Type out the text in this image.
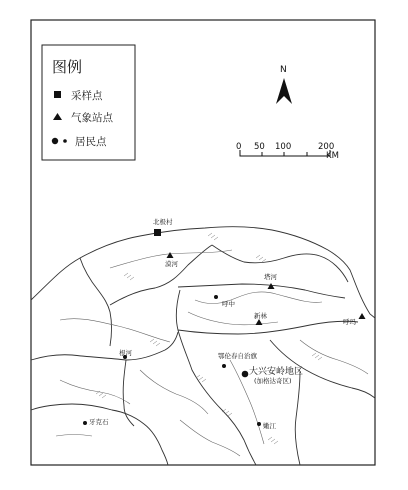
图例
采样点
气象站点
居民点
N
0 50 100	200
KM
北极村
漠河
塔河
呼中
呼玛
新林
根河	鄂伦春自治旗
大兴安岭地区
(加格达奇区)
牙克石	嫩江
